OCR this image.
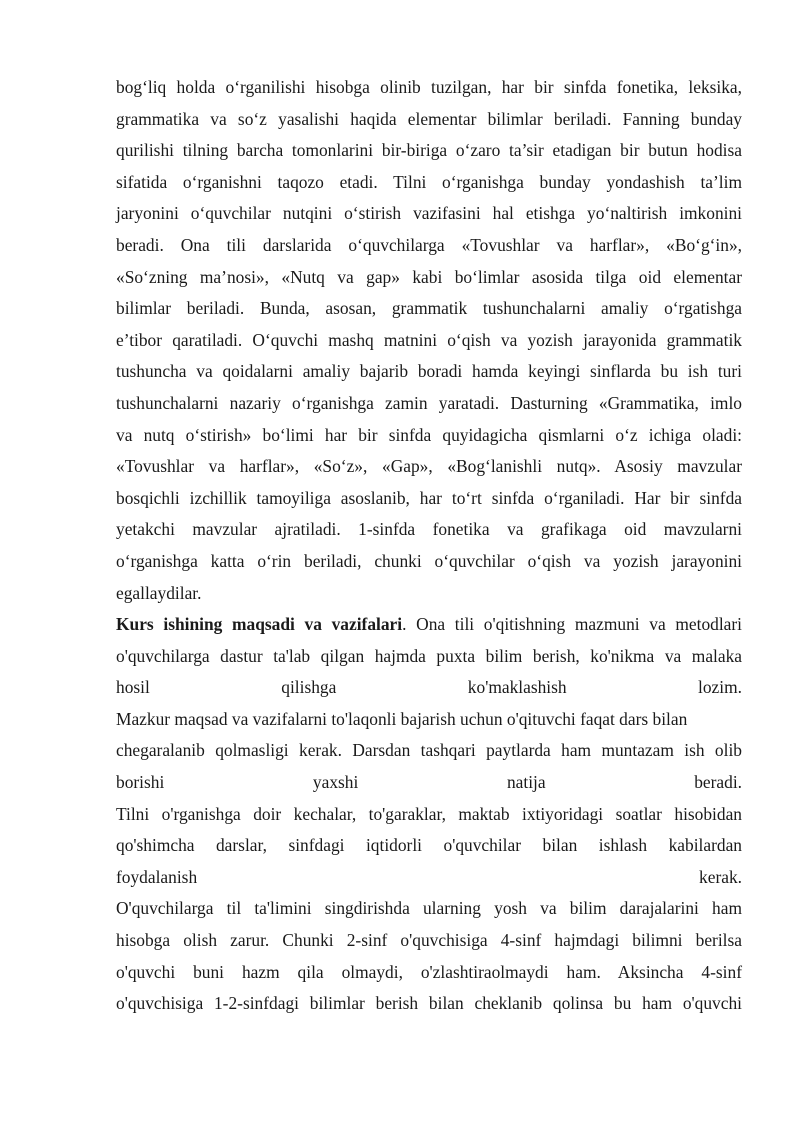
bog‘liq holda o‘rganilishi hisobga olinib tuzilgan, har bir sinfda fonetika, leksika,
grammatika va so‘z yasalishi haqida elementar bilimlar beriladi. Fanning bunday
qurilishi tilning barcha tomonlarini bir-biriga o‘zaro ta’sir etadigan bir butun hodisa
sifatida o‘rganishni taqozo etadi. Tilni o‘rganishga bunday yondashish ta’lim
jaryonini o‘quvchilar nutqini o‘stirish vazifasini hal etishga yo‘naltirish imkonini
beradi. Ona tili darslarida o‘quvchilarga «Tovushlar va harflar», «Bo‘g‘in»,
«So‘zning ma’nosi», «Nutq va gap» kabi bo‘limlar asosida tilga oid elementar
bilimlar beriladi. Bunda, asosan, grammatik tushunchalarni amaliy o‘rgatishga
e’tibor qaratiladi. O‘quvchi mashq matnini o‘qish va yozish jarayonida grammatik
tushuncha va qoidalarni amaliy bajarib boradi hamda keyingi sinflarda bu ish turi
tushunchalarni nazariy o‘rganishga zamin yaratadi. Dasturning «Grammatika, imlo
va nutq o‘stirish» bo‘limi har bir sinfda quyidagicha qismlarni o‘z ichiga oladi:
«Tovushlar va harflar», «So‘z», «Gap», «Bog‘lanishli nutq». Asosiy mavzular
bosqichli izchillik tamoyiliga asoslanib, har to‘rt sinfda o‘rganiladi. Har bir sinfda
yetakchi mavzular ajratiladi. 1-sinfda fonetika va grafikaga oid mavzularni
o‘rganishga katta o‘rin beriladi, chunki o‘quvchilar o‘qish va yozish jarayonini
egallaydilar.
Kurs ishining maqsadi va vazifalari. Ona tili o'qitishning mazmuni va metodlari
o'quvchilarga dastur ta'lab qilgan hajmda puxta bilim berish, ko'nikma va malaka
hosil qilishga ko'maklashish lozim.
Mazkur maqsad va vazifalarni to'laqonli bajarish uchun o'qituvchi faqat dars bilan
chegaralanib qolmasligi kerak. Darsdan tashqari paytlarda ham muntazam ish olib
borishi yaxshi natija beradi.
Tilni o'rganishga doir kechalar, to'garaklar, maktab ixtiyoridagi soatlar hisobidan
qo'shimcha darslar, sinfdagi iqtidorli o'quvchilar bilan ishlash kabilardan
foydalanish kerak.
O'quvchilarga til ta'limini singdirishda ularning yosh va bilim darajalarini ham
hisobga olish zarur. Chunki 2-sinf o'quvchisiga 4-sinf hajmdagi bilimni berilsa
o'quvchi buni hazm qila olmaydi, o'zlashtiraolmaydi ham. Aksincha 4-sinf
o'quvchisiga 1-2-sinfdagi bilimlar berish bilan cheklanib qolinsa bu ham o'quvchi
